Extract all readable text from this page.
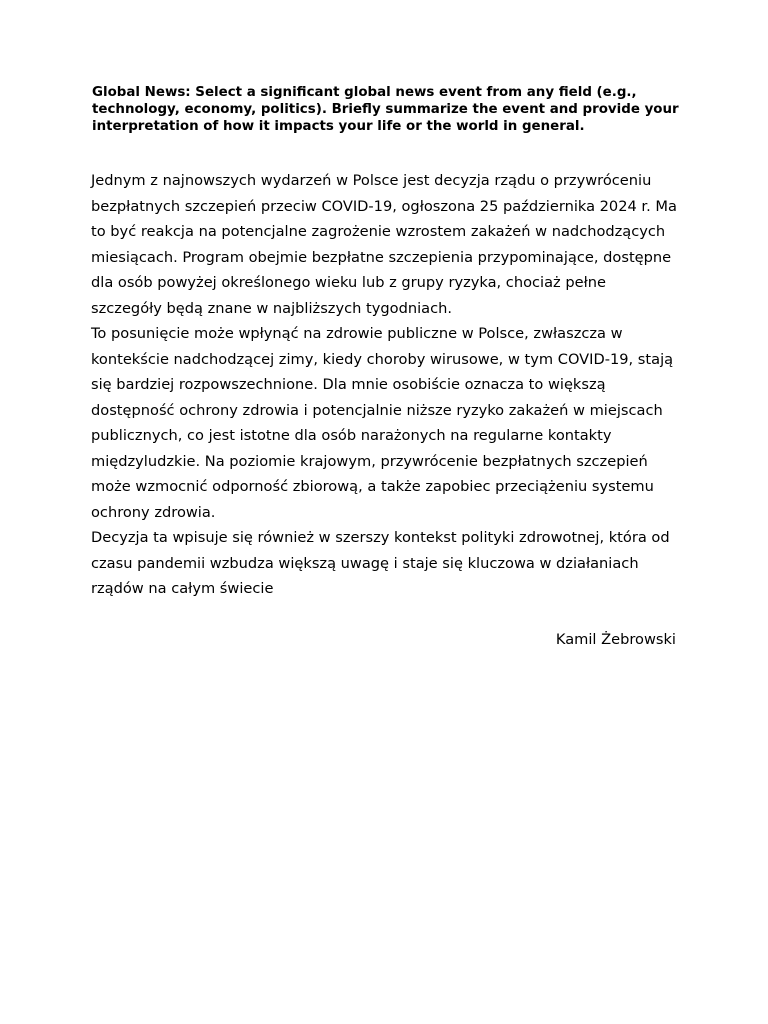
Global News: Select a significant global news event from any field (e.g., technology, economy, politics). Briefly summarize the event and provide your interpretation of how it impacts your life or the world in general.

Jednym z najnowszych wydarzeń w Polsce jest decyzja rządu o przywróceniu bezpłatnych szczepień przeciw COVID-19, ogłoszona 25 października 2024 r. Ma to być reakcja na potencjalne zagrożenie wzrostem zakażeń w nadchodzących miesiącach. Program obejmie bezpłatne szczepienia przypominające, dostępne dla osób powyżej określonego wieku lub z grupy ryzyka, chociaż pełne szczegóły będą znane w najbliższych tygodniach.

To posunięcie może wpłynąć na zdrowie publiczne w Polsce, zwłaszcza w kontekście nadchodzącej zimy, kiedy choroby wirusowe, w tym COVID-19, stają się bardziej rozpowszechnione. Dla mnie osobiście oznacza to większą dostępność ochrony zdrowia i potencjalnie niższe ryzyko zakażeń w miejscach publicznych, co jest istotne dla osób narażonych na regularne kontakty międzyludzkie. Na poziomie krajowym, przywrócenie bezpłatnych szczepień może wzmocnić odporność zbiorową, a także zapobiec przeciążeniu systemu ochrony zdrowia.

Decyzja ta wpisuje się również w szerszy kontekst polityki zdrowotnej, która od czasu pandemii wzbudza większą uwagę i staje się kluczowa w działaniach rządów na całym świecie

Kamil Żebrowski
